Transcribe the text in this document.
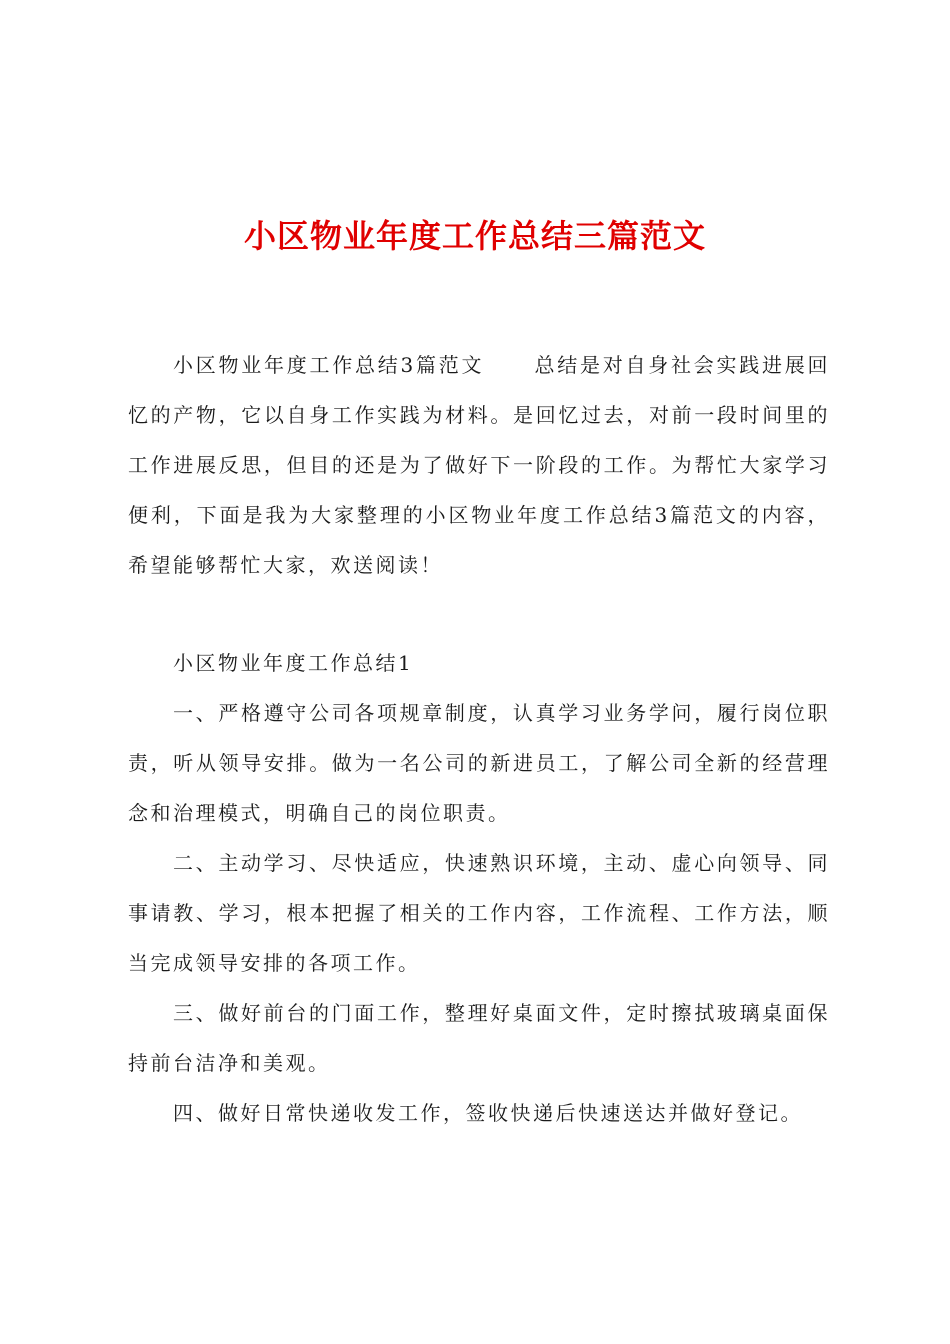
小区物业年度工作总结三篇范文

小区物业年度工作总结3篇范文	总结是对自身社会实践进展回忆的产物，它以自身工作实践为材料。是回忆过去，对前一段时间里的工作进展反思，但目的还是为了做好下一阶段的工作。为帮忙大家学习便利，下面是我为大家整理的小区物业年度工作总结3篇范文的内容，希望能够帮忙大家，欢送阅读！

小区物业年度工作总结1

一、严格遵守公司各项规章制度，认真学习业务学问，履行岗位职责，听从领导安排。做为一名公司的新进员工，了解公司全新的经营理念和治理模式，明确自己的岗位职责。

二、主动学习、尽快适应，快速熟识环境，主动、虚心向领导、同事请教、学习，根本把握了相关的工作内容，工作流程、工作方法，顺当完成领导安排的各项工作。

三、做好前台的门面工作，整理好桌面文件，定时擦拭玻璃桌面保持前台洁净和美观。

四、做好日常快递收发工作，签收快递后快速送达并做好登记。
